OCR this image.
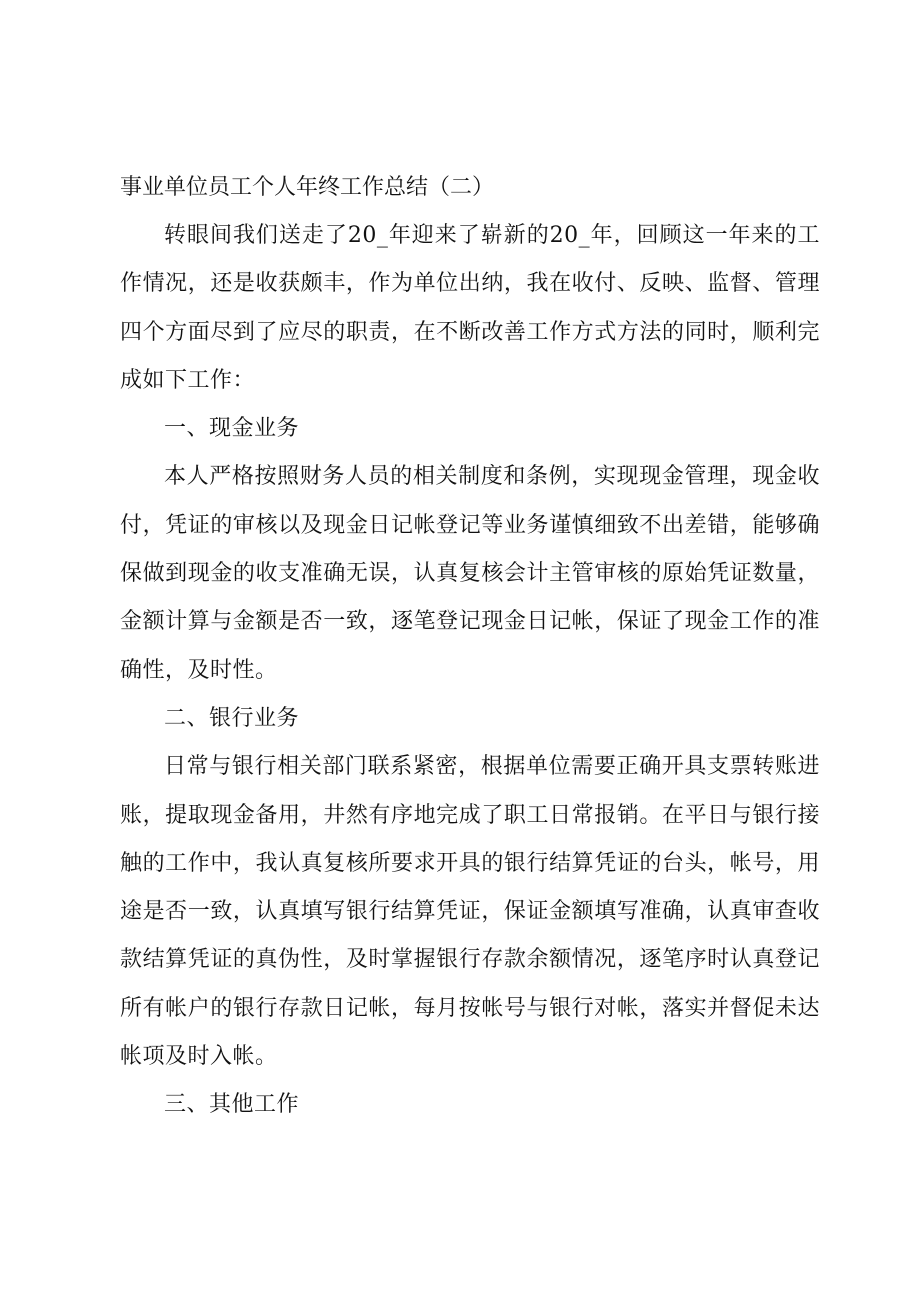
事业单位员工个人年终工作总结（二）

转眼间我们送走了20_年迎来了崭新的20_年，回顾这一年来的工作情况，还是收获颇丰，作为单位出纳，我在收付、反映、监督、管理四个方面尽到了应尽的职责，在不断改善工作方式方法的同时，顺利完成如下工作：

一、现金业务

本人严格按照财务人员的相关制度和条例，实现现金管理，现金收付，凭证的审核以及现金日记帐登记等业务谨慎细致不出差错，能够确保做到现金的收支准确无误，认真复核会计主管审核的原始凭证数量，金额计算与金额是否一致，逐笔登记现金日记帐，保证了现金工作的准确性，及时性。

二、银行业务

日常与银行相关部门联系紧密，根据单位需要正确开具支票转账进账，提取现金备用，井然有序地完成了职工日常报销。在平日与银行接触的工作中，我认真复核所要求开具的银行结算凭证的台头，帐号，用途是否一致，认真填写银行结算凭证，保证金额填写准确，认真审查收款结算凭证的真伪性，及时掌握银行存款余额情况，逐笔序时认真登记所有帐户的银行存款日记帐，每月按帐号与银行对帐，落实并督促未达帐项及时入帐。

三、其他工作
